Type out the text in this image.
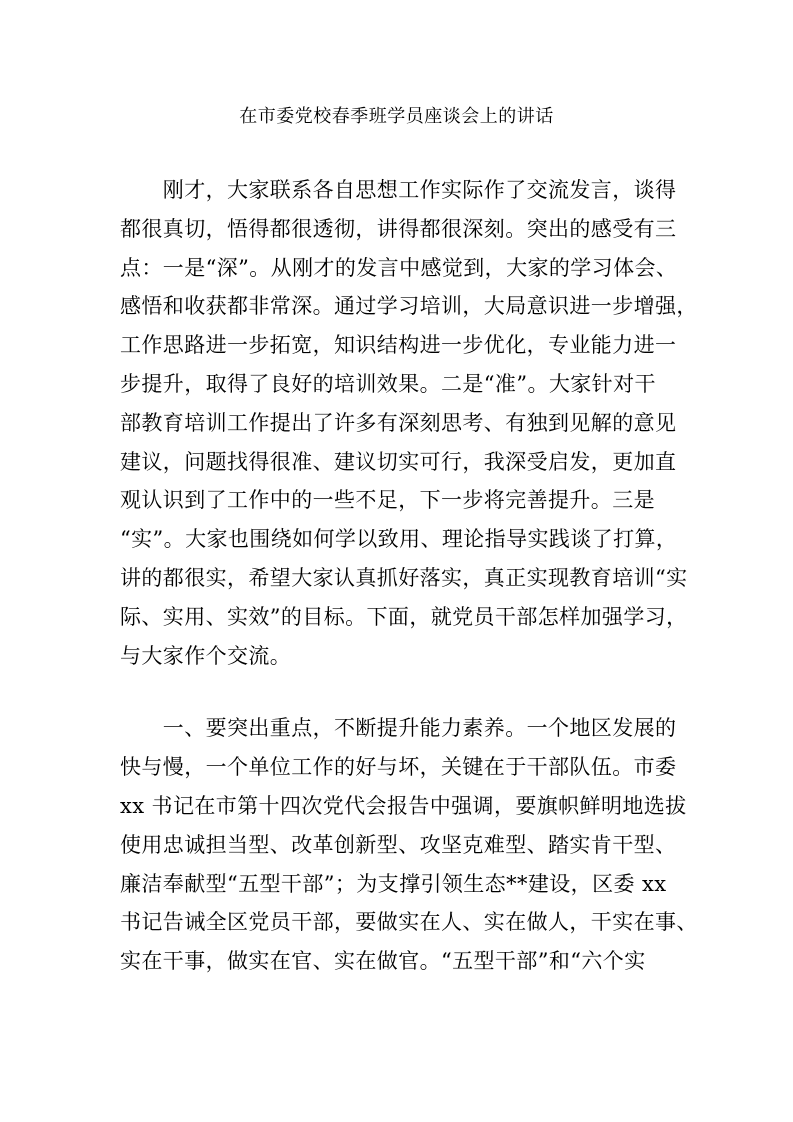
在市委党校春季班学员座谈会上的讲话
　　刚才，大家联系各自思想工作实际作了交流发言，谈得
都很真切，悟得都很透彻，讲得都很深刻。突出的感受有三
点：一是“深”。从刚才的发言中感觉到，大家的学习体会、
感悟和收获都非常深。通过学习培训，大局意识进一步增强，
工作思路进一步拓宽，知识结构进一步优化，专业能力进一
步提升，取得了良好的培训效果。二是“准”。大家针对干
部教育培训工作提出了许多有深刻思考、有独到见解的意见
建议，问题找得很准、建议切实可行，我深受启发，更加直
观认识到了工作中的一些不足，下一步将完善提升。三是
“实”。大家也围绕如何学以致用、理论指导实践谈了打算，
讲的都很实，希望大家认真抓好落实，真正实现教育培训“实
际、实用、实效”的目标。下面，就党员干部怎样加强学习，
与大家作个交流。
　　一、要突出重点，不断提升能力素养。一个地区发展的
快与慢，一个单位工作的好与坏，关键在于干部队伍。市委
xx 书记在市第十四次党代会报告中强调，要旗帜鲜明地选拔
使用忠诚担当型、改革创新型、攻坚克难型、踏实肯干型、
廉洁奉献型“五型干部”；为支撑引领生态**建设，区委 xx
书记告诫全区党员干部，要做实在人、实在做人，干实在事、
实在干事，做实在官、实在做官。“五型干部”和“六个实
